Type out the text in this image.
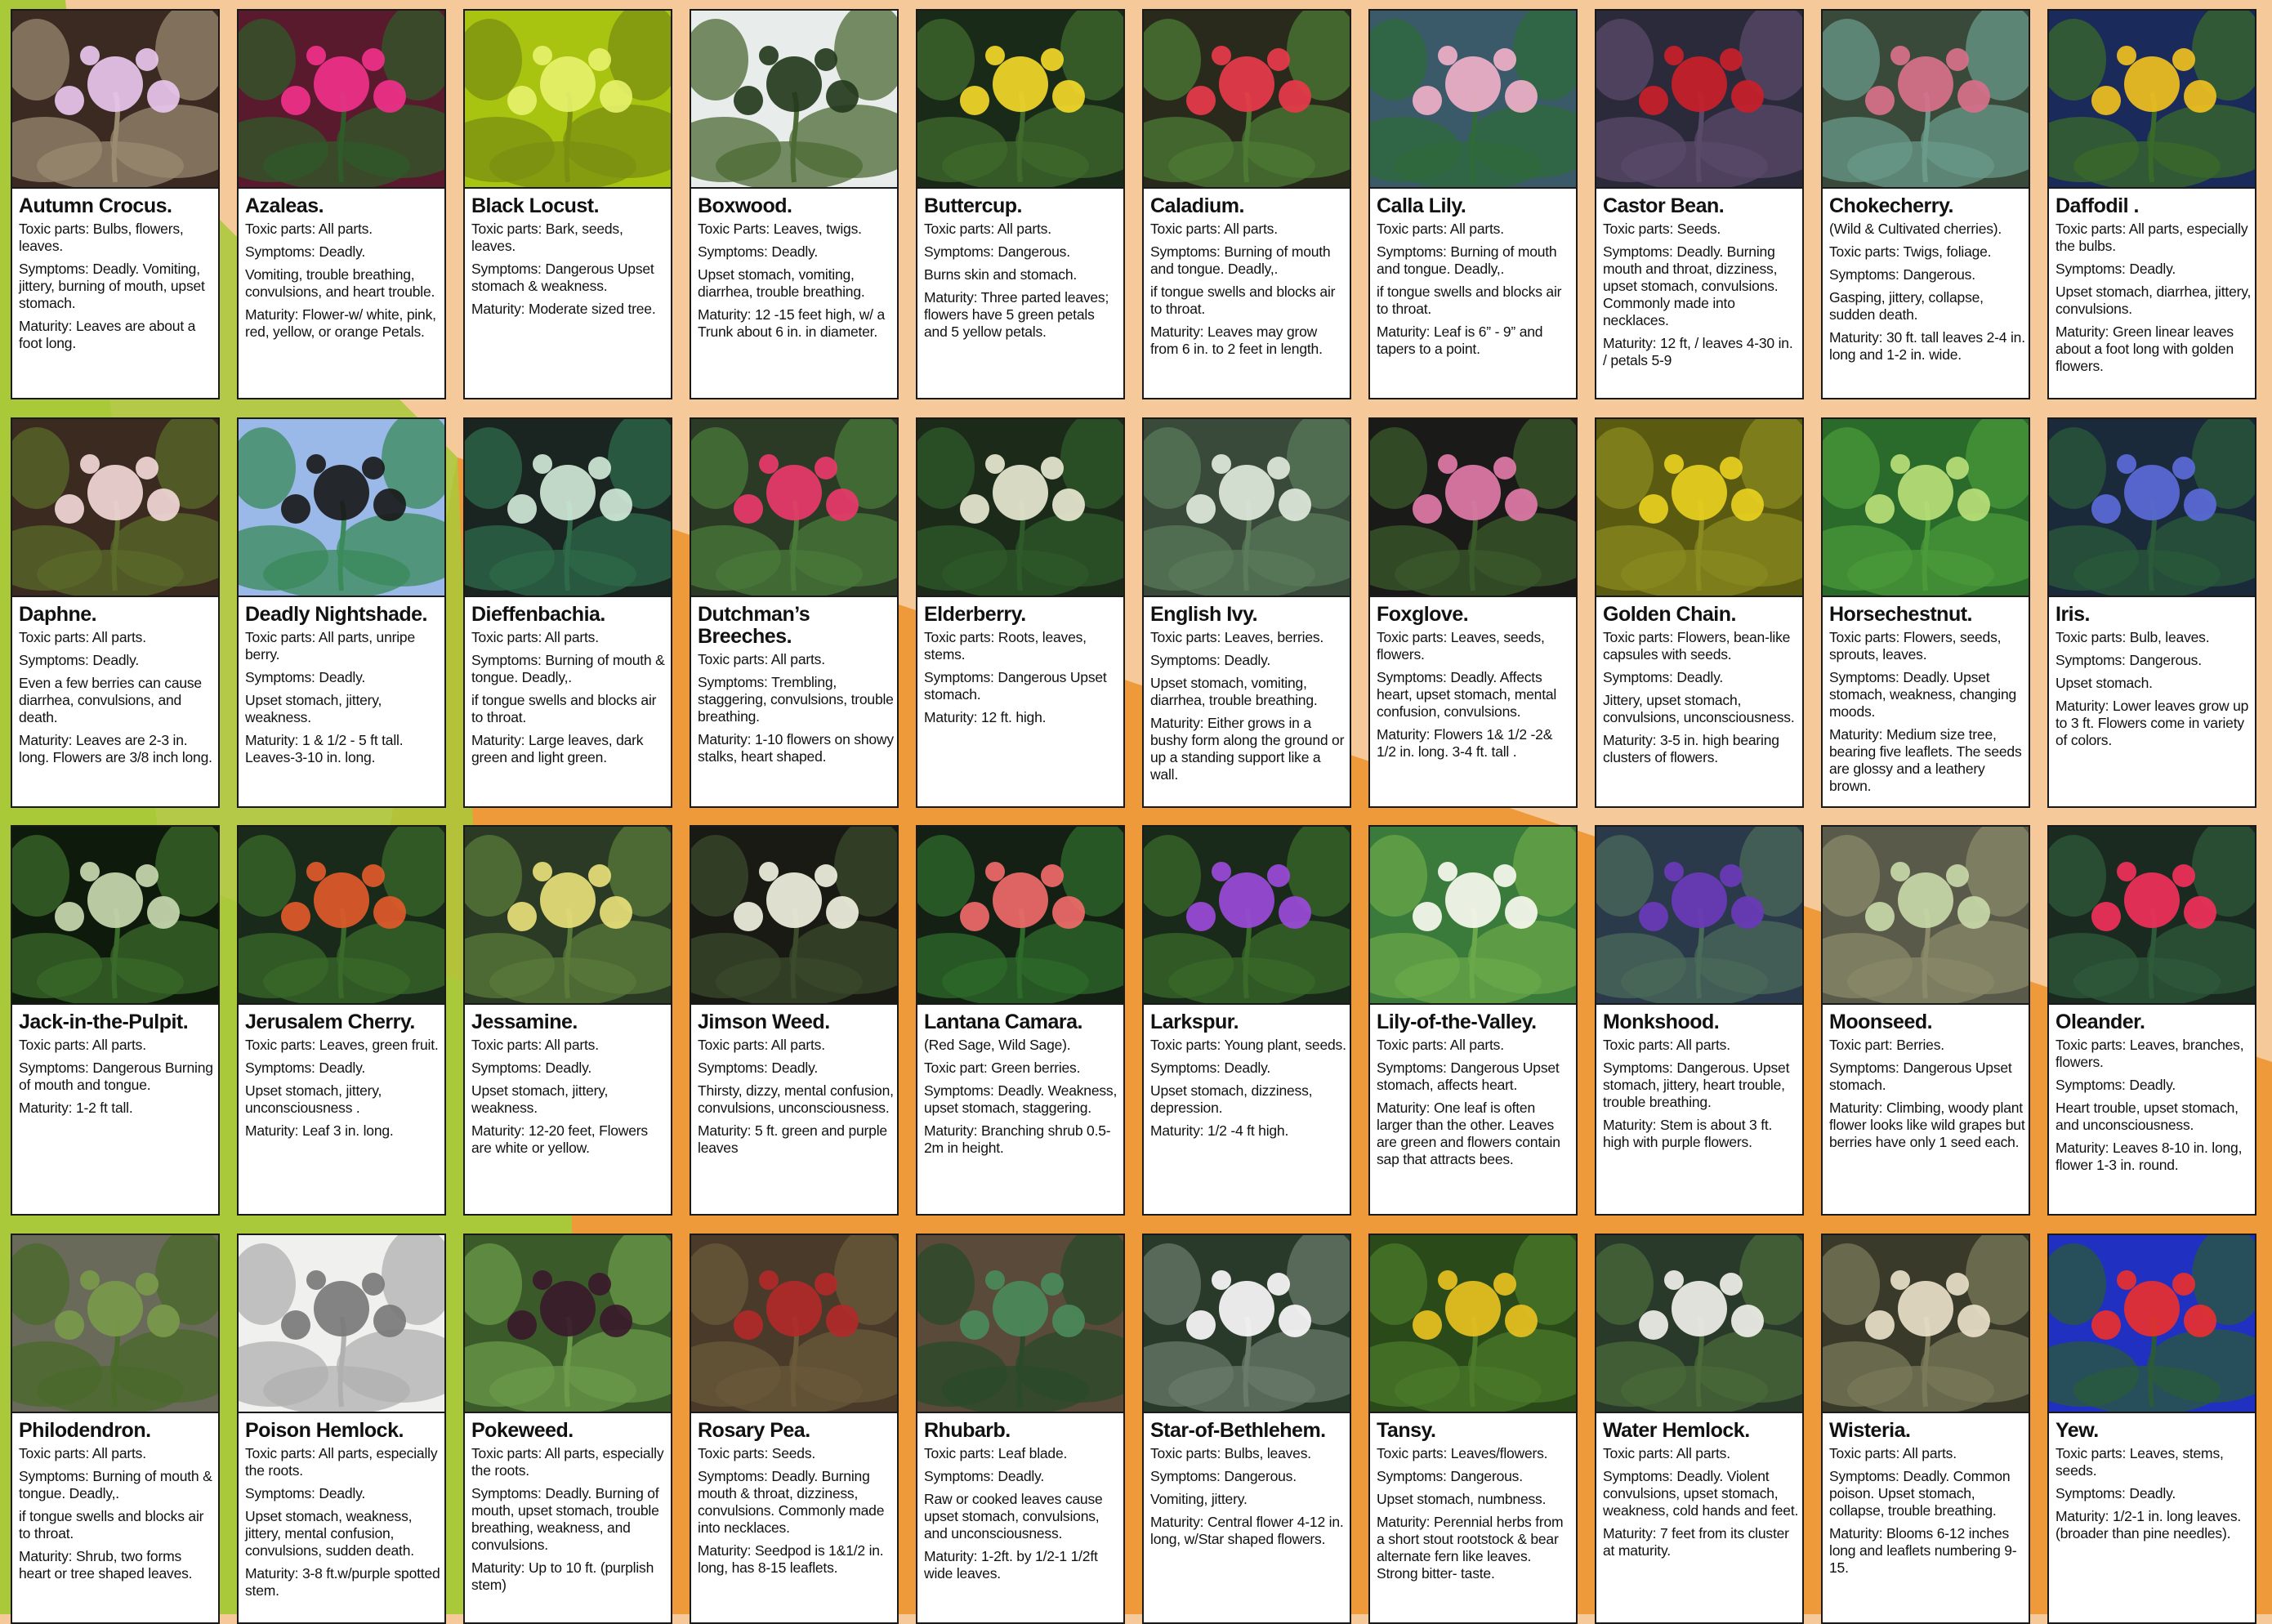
Autumn Crocus.
Toxic parts: Bulbs, flowers, leaves.
Symptoms: Deadly. Vomiting, jittery, burning of mouth, upset stomach.
Maturity: Leaves are about a foot long.
Azaleas.
Toxic parts: All parts.
Symptoms: Deadly.
Vomiting, trouble breathing, convulsions, and heart trouble.
Maturity: Flower-w/ white, pink, red, yellow, or orange Petals.
Black Locust.
Toxic parts: Bark, seeds, leaves.
Symptoms: Dangerous Upset stomach & weakness.
Maturity: Moderate sized tree.
Boxwood.
Toxic Parts: Leaves, twigs.
Symptoms: Deadly.
Upset stomach, vomiting, diarrhea, trouble breathing.
Maturity: 12 -15 feet high, w/ a Trunk about 6 in. in diameter.
Buttercup.
Toxic parts: All parts.
Symptoms: Dangerous.
Burns skin and stomach.
Maturity: Three parted leaves; flowers have 5 green petals and 5 yellow petals.
Caladium.
Toxic parts: All parts.
Symptoms: Burning of mouth and tongue. Deadly,.
if tongue swells and blocks air to throat.
Maturity: Leaves may grow from 6 in. to 2 feet in length.
Calla Lily.
Toxic parts: All parts.
Symptoms: Burning of mouth and tongue. Deadly,.
if tongue swells and blocks air to throat.
Maturity: Leaf is 6” - 9” and tapers to a point.
Castor Bean.
Toxic parts: Seeds.
Symptoms: Deadly. Burning mouth and throat, dizziness, upset stomach, convulsions. Commonly made into necklaces.
Maturity: 12 ft, / leaves 4-30 in. / petals 5-9
Chokecherry.
(Wild & Cultivated cherries).
Toxic parts: Twigs, foliage.
Symptoms: Dangerous.
Gasping, jittery, collapse, sudden death.
Maturity: 30 ft. tall leaves 2-4 in. long and 1-2 in. wide.
Daffodil .
Toxic parts: All parts, especially the bulbs.
Symptoms: Deadly.
Upset stomach, diarrhea, jittery, convulsions.
Maturity: Green linear leaves about a foot long with golden flowers.
Daphne.
Toxic parts: All parts.
Symptoms: Deadly.
Even a few berries can cause diarrhea, convulsions, and death.
Maturity: Leaves are 2-3 in. long. Flowers are 3/8 inch long.
Deadly Nightshade.
Toxic parts: All parts, unripe berry.
Symptoms: Deadly.
Upset stomach, jittery, weakness.
Maturity: 1 & 1/2 - 5 ft tall. Leaves-3-10 in. long.
Dieffenbachia.
Toxic parts: All parts.
Symptoms: Burning of mouth & tongue. Deadly,.
if tongue swells and blocks air to throat.
Maturity: Large leaves, dark green and light green.
Dutchman’s Breeches.
Toxic parts: All parts.
Symptoms: Trembling, staggering, convulsions, trouble breathing.
Maturity: 1-10 flowers on showy stalks, heart shaped.
Elderberry.
Toxic parts: Roots, leaves, stems.
Symptoms: Dangerous Upset stomach.
Maturity: 12 ft. high.
English Ivy.
Toxic parts: Leaves, berries.
Symptoms: Deadly.
Upset stomach, vomiting, diarrhea, trouble breathing.
Maturity: Either grows in a bushy form along the ground or up a standing support like a wall.
Foxglove.
Toxic parts: Leaves, seeds, flowers.
Symptoms: Deadly. Affects heart, upset stomach, mental confusion, convulsions.
Maturity: Flowers 1& 1/2 -2& 1/2 in. long. 3-4 ft. tall .
Golden Chain.
Toxic parts: Flowers, bean-like capsules with seeds.
Symptoms: Deadly.
Jittery, upset stomach, convulsions, unconsciousness.
Maturity: 3-5 in. high bearing clusters of flowers.
Horsechestnut.
Toxic parts: Flowers, seeds, sprouts, leaves.
Symptoms: Deadly. Upset stomach, weakness, changing moods.
Maturity: Medium size tree, bearing five leaflets. The seeds are glossy and a leathery brown.
Iris.
Toxic parts: Bulb, leaves.
Symptoms: Dangerous.
Upset stomach.
Maturity: Lower leaves grow up to 3 ft. Flowers come in variety of colors.
Jack-in-the-Pulpit.
Toxic parts: All parts.
Symptoms: Dangerous Burning of mouth and tongue.
Maturity: 1-2 ft tall.
Jerusalem Cherry.
Toxic parts: Leaves, green fruit.
Symptoms: Deadly.
Upset stomach, jittery, unconsciousness .
Maturity: Leaf 3 in. long.
Jessamine.
Toxic parts: All parts.
Symptoms: Deadly.
Upset stomach, jittery, weakness.
Maturity: 12-20 feet, Flowers are white or yellow.
Jimson Weed.
Toxic parts: All parts.
Symptoms: Deadly.
Thirsty, dizzy, mental confusion, convulsions, unconsciousness.
Maturity: 5 ft. green and purple leaves
Lantana Camara.
(Red Sage, Wild Sage).
Toxic part: Green berries.
Symptoms: Deadly. Weakness, upset stomach, staggering.
Maturity: Branching shrub 0.5-2m in height.
Larkspur.
Toxic parts: Young plant, seeds.
Symptoms: Deadly.
Upset stomach, dizziness, depression.
Maturity: 1/2 -4 ft high.
Lily-of-the-Valley.
Toxic parts: All parts.
Symptoms: Dangerous Upset stomach, affects heart.
Maturity: One leaf is often larger than the other. Leaves are green and flowers contain sap that attracts bees.
Monkshood.
Toxic parts: All parts.
Symptoms: Dangerous. Upset stomach, jittery, heart trouble, trouble breathing.
Maturity: Stem is about 3 ft. high with purple flowers.
Moonseed.
Toxic part: Berries.
Symptoms: Dangerous Upset stomach.
Maturity: Climbing, woody plant flower looks like wild grapes but berries have only 1 seed each.
Oleander.
Toxic parts: Leaves, branches, flowers.
Symptoms: Deadly.
Heart trouble, upset stomach, and unconsciousness.
Maturity: Leaves 8-10 in. long, flower 1-3 in. round.
Philodendron.
Toxic parts: All parts.
Symptoms: Burning of mouth & tongue. Deadly,.
if tongue swells and blocks air to throat.
Maturity: Shrub, two forms heart or tree shaped leaves.
Poison Hemlock.
Toxic parts: All parts, especially the roots.
Symptoms: Deadly.
Upset stomach, weakness, jittery, mental confusion, convulsions, sudden death.
Maturity: 3-8 ft.w/purple spotted stem.
Pokeweed.
Toxic parts: All parts, especially the roots.
Symptoms: Deadly. Burning of mouth, upset stomach, trouble breathing, weakness, and convulsions.
Maturity: Up to 10 ft. (purplish stem)
Rosary Pea.
Toxic parts: Seeds.
Symptoms: Deadly. Burning mouth & throat, dizziness, convulsions. Commonly made into necklaces.
Maturity: Seedpod is 1&1/2 in. long, has 8-15 leaflets.
Rhubarb.
Toxic parts: Leaf blade.
Symptoms: Deadly.
Raw or cooked leaves cause upset stomach, convulsions, and unconsciousness.
Maturity: 1-2ft. by 1/2-1 1/2ft wide leaves.
Star-of-Bethlehem.
Toxic parts: Bulbs, leaves.
Symptoms: Dangerous.
Vomiting, jittery.
Maturity: Central flower 4-12 in. long, w/Star shaped flowers.
Tansy.
Toxic parts: Leaves/flowers.
Symptoms: Dangerous.
Upset stomach, numbness.
Maturity: Perennial herbs from a short stout rootstock & bear alternate fern like leaves. Strong bitter- taste.
Water Hemlock.
Toxic parts: All parts.
Symptoms: Deadly. Violent convulsions, upset stomach, weakness, cold hands and feet.
Maturity: 7 feet from its cluster at maturity.
Wisteria.
Toxic parts: All parts.
Symptoms: Deadly. Common poison. Upset stomach, collapse, trouble breathing.
Maturity: Blooms 6-12 inches long and leaflets numbering 9-15.
Yew.
Toxic parts: Leaves, stems, seeds.
Symptoms: Deadly.
Maturity: 1/2-1 in. long leaves. (broader than pine needles).
